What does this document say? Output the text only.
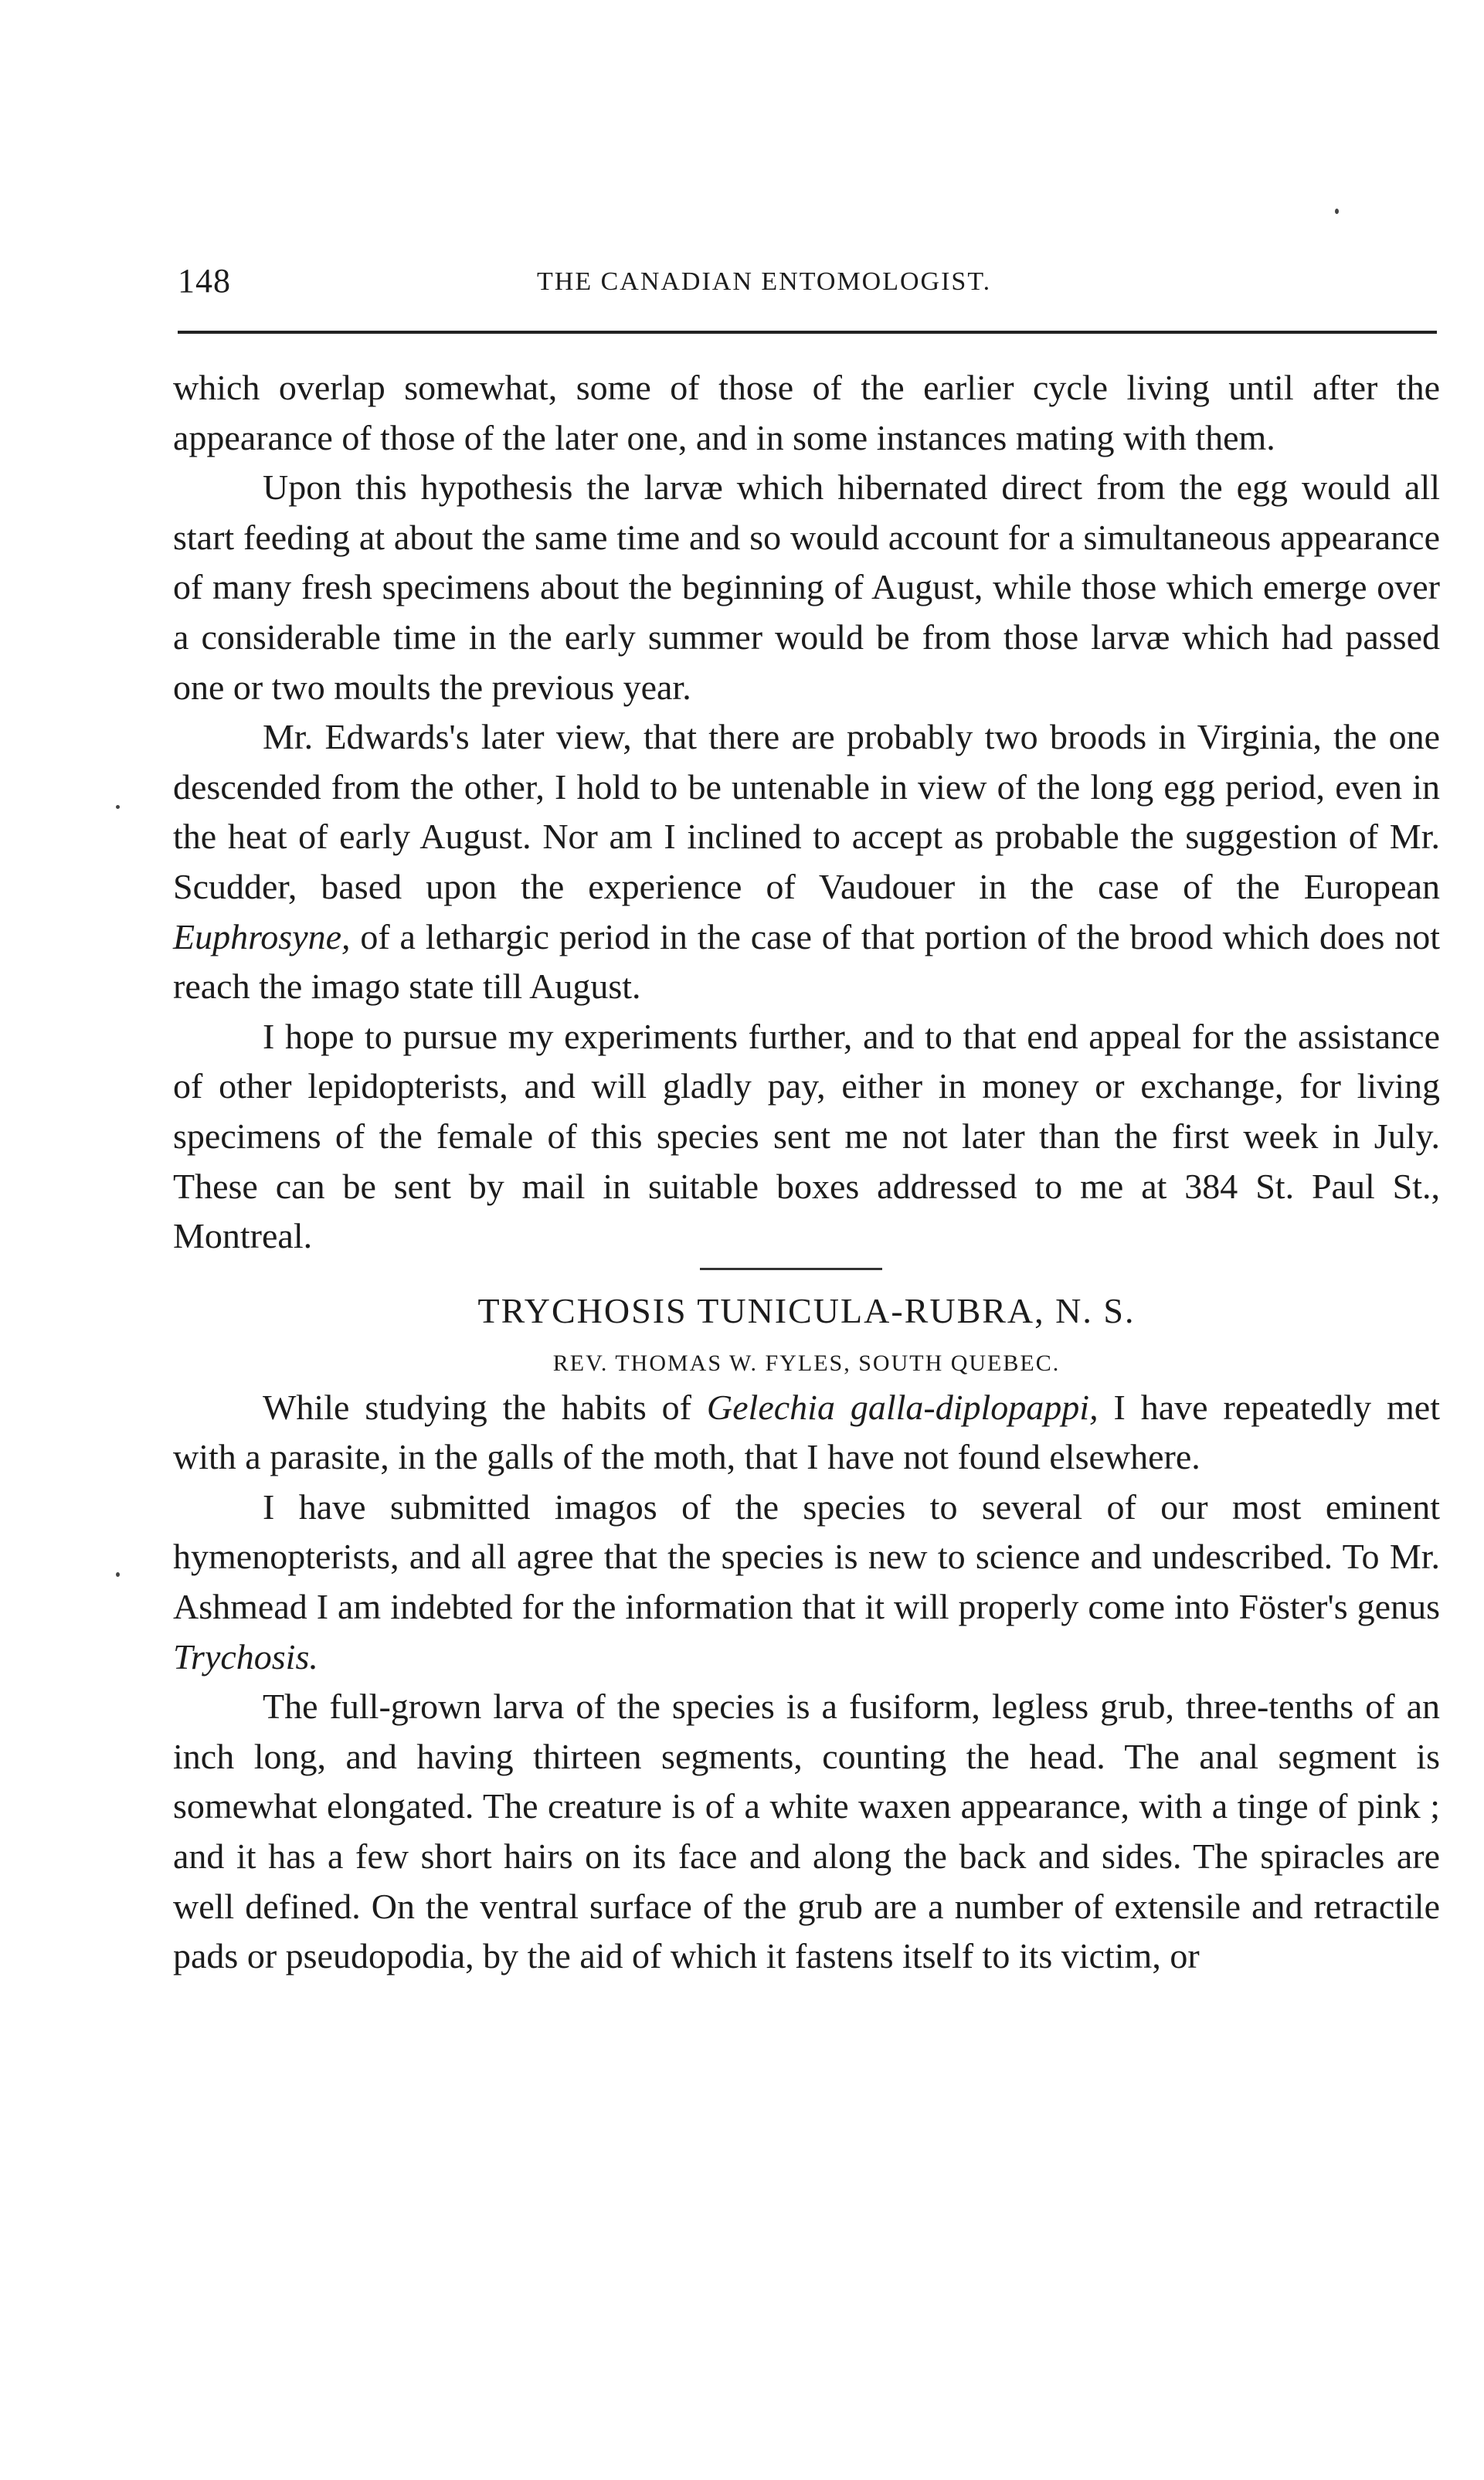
148	THE CANADIAN ENTOMOLOGIST.

which overlap somewhat, some of those of the earlier cycle living until after the appearance of those of the later one, and in some instances mating with them.

Upon this hypothesis the larvæ which hibernated direct from the egg would all start feeding at about the same time and so would account for a simultaneous appearance of many fresh specimens about the beginning of August, while those which emerge over a considerable time in the early summer would be from those larvæ which had passed one or two moults the previous year.

Mr. Edwards's later view, that there are probably two broods in Virginia, the one descended from the other, I hold to be untenable in view of the long egg period, even in the heat of early August. Nor am I inclined to accept as probable the suggestion of Mr. Scudder, based upon the experience of Vaudouer in the case of the European Euphrosyne, of a lethargic period in the case of that portion of the brood which does not reach the imago state till August.

I hope to pursue my experiments further, and to that end appeal for the assistance of other lepidopterists, and will gladly pay, either in money or exchange, for living specimens of the female of this species sent me not later than the first week in July. These can be sent by mail in suitable boxes addressed to me at 384 St. Paul St., Montreal.

TRYCHOSIS TUNICULA-RUBRA, N. S.

REV. THOMAS W. FYLES, SOUTH QUEBEC.

While studying the habits of Gelechia galla-diplopappi, I have repeatedly met with a parasite, in the galls of the moth, that I have not found elsewhere.

I have submitted imagos of the species to several of our most eminent hymenopterists, and all agree that the species is new to science and undescribed. To Mr. Ashmead I am indebted for the information that it will properly come into Föster's genus Trychosis.

The full-grown larva of the species is a fusiform, legless grub, three-tenths of an inch long, and having thirteen segments, counting the head. The anal segment is somewhat elongated. The creature is of a white waxen appearance, with a tinge of pink ; and it has a few short hairs on its face and along the back and sides. The spiracles are well defined. On the ventral surface of the grub are a number of extensile and retractile pads or pseudopodia, by the aid of which it fastens itself to its victim, or
